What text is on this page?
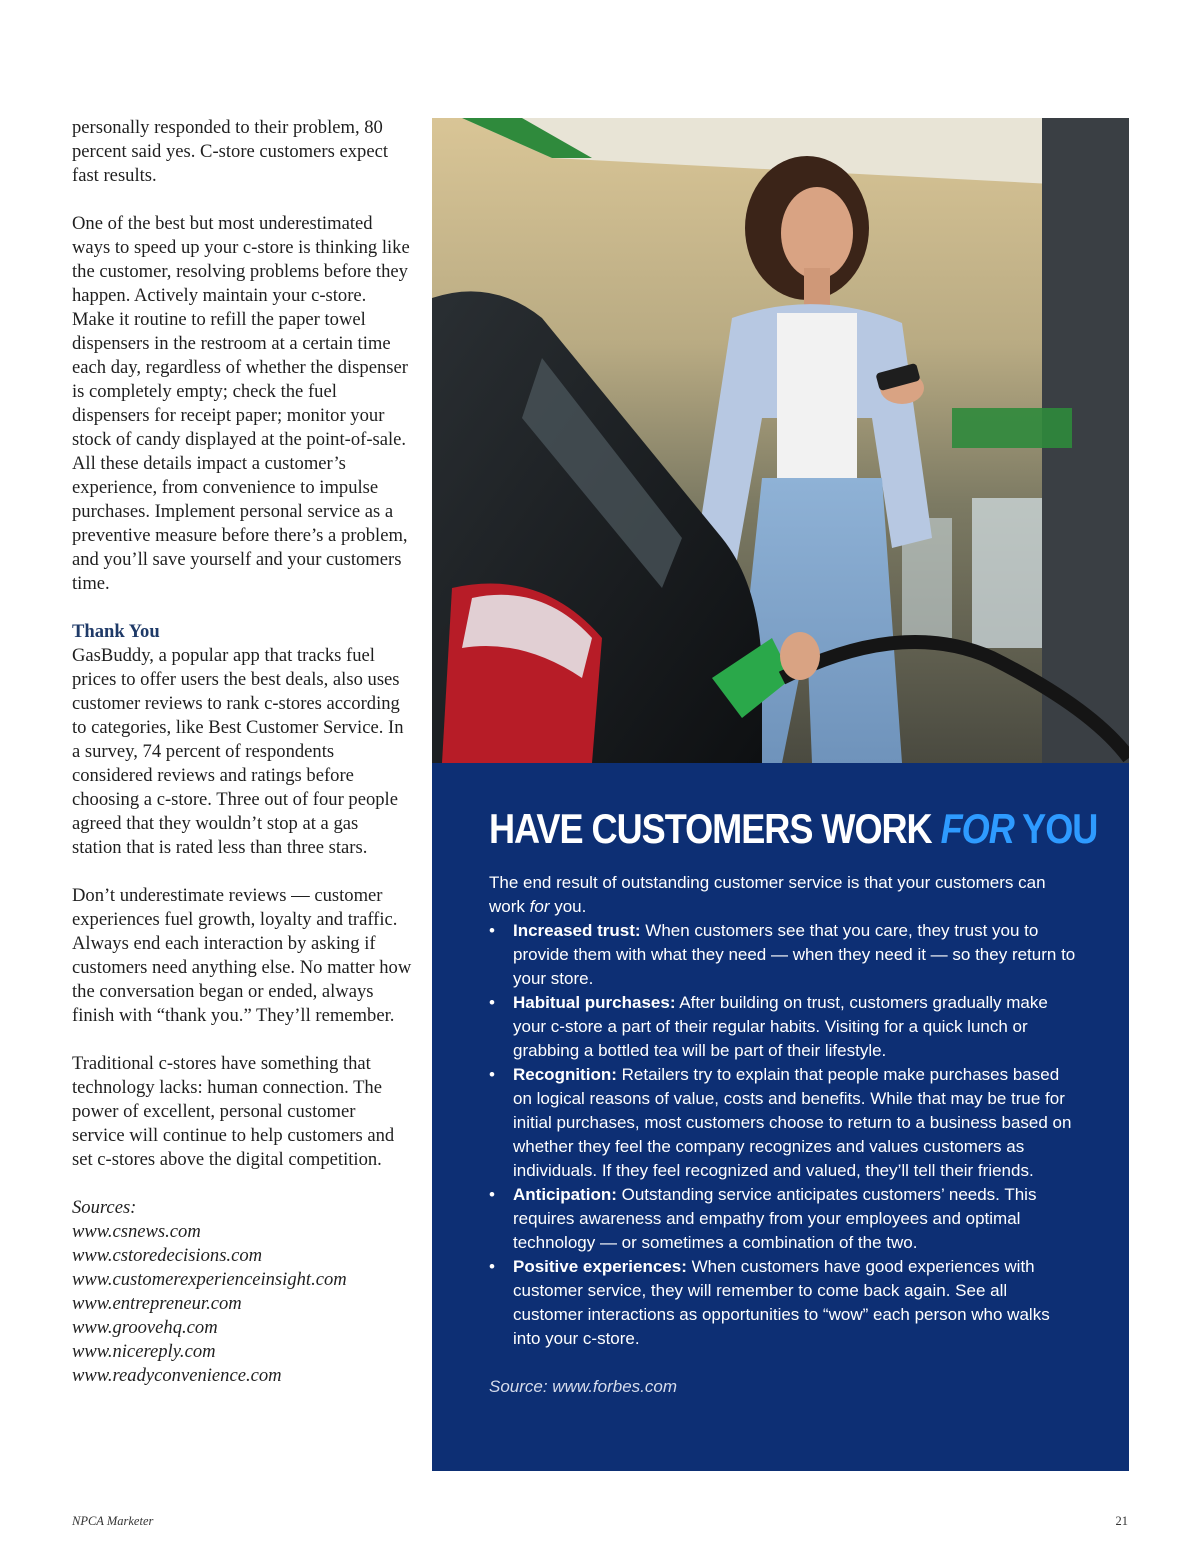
personally responded to their problem, 80 percent said yes. C-store customers expect fast results.

One of the best but most underestimated ways to speed up your c-store is thinking like the customer, resolving problems before they happen. Actively maintain your c-store. Make it routine to refill the paper towel dispensers in the restroom at a certain time each day, regardless of whether the dispenser is completely empty; check the fuel dispensers for receipt paper; monitor your stock of candy displayed at the point-of-sale. All these details impact a customer’s experience, from convenience to impulse purchases. Implement personal service as a preventive measure before there’s a problem, and you’ll save yourself and your customers time.

Thank You

GasBuddy, a popular app that tracks fuel prices to offer users the best deals, also uses customer reviews to rank c-stores according to categories, like Best Customer Service. In a survey, 74 percent of respondents considered reviews and ratings before choosing a c-store. Three out of four people agreed that they wouldn’t stop at a gas station that is rated less than three stars.

Don’t underestimate reviews — customer experiences fuel growth, loyalty and traffic. Always end each interaction by asking if customers need anything else. No matter how the conversation began or ended, always finish with “thank you.” They’ll remember.

Traditional c-stores have something that technology lacks: human connection. The power of excellent, personal customer service will continue to help customers and set c-stores above the digital competition.

Sources:
www.csnews.com
www.cstoredecisions.com
www.customerexperienceinsight.com
www.entrepreneur.com
www.groovehq.com
www.nicereply.com
www.readyconvenience.com
HAVE CUSTOMERS WORK FOR YOU
The end result of outstanding customer service is that your customers can work for you.
• Increased trust: When customers see that you care, they trust you to provide them with what they need — when they need it — so they return to your store.
• Habitual purchases: After building on trust, customers gradually make your c-store a part of their regular habits. Visiting for a quick lunch or grabbing a bottled tea will be part of their lifestyle.
• Recognition: Retailers try to explain that people make purchases based on logical reasons of value, costs and benefits. While that may be true for initial purchases, most customers choose to return to a business based on whether they feel the company recognizes and values customers as individuals. If they feel recognized and valued, they’ll tell their friends.
• Anticipation: Outstanding service anticipates customers’ needs. This requires awareness and empathy from your employees and optimal technology — or sometimes a combination of the two.
• Positive experiences: When customers have good experiences with customer service, they will remember to come back again. See all customer interactions as opportunities to “wow” each person who walks into your c-store.
Source: www.forbes.com
NPCA Marketer	21
